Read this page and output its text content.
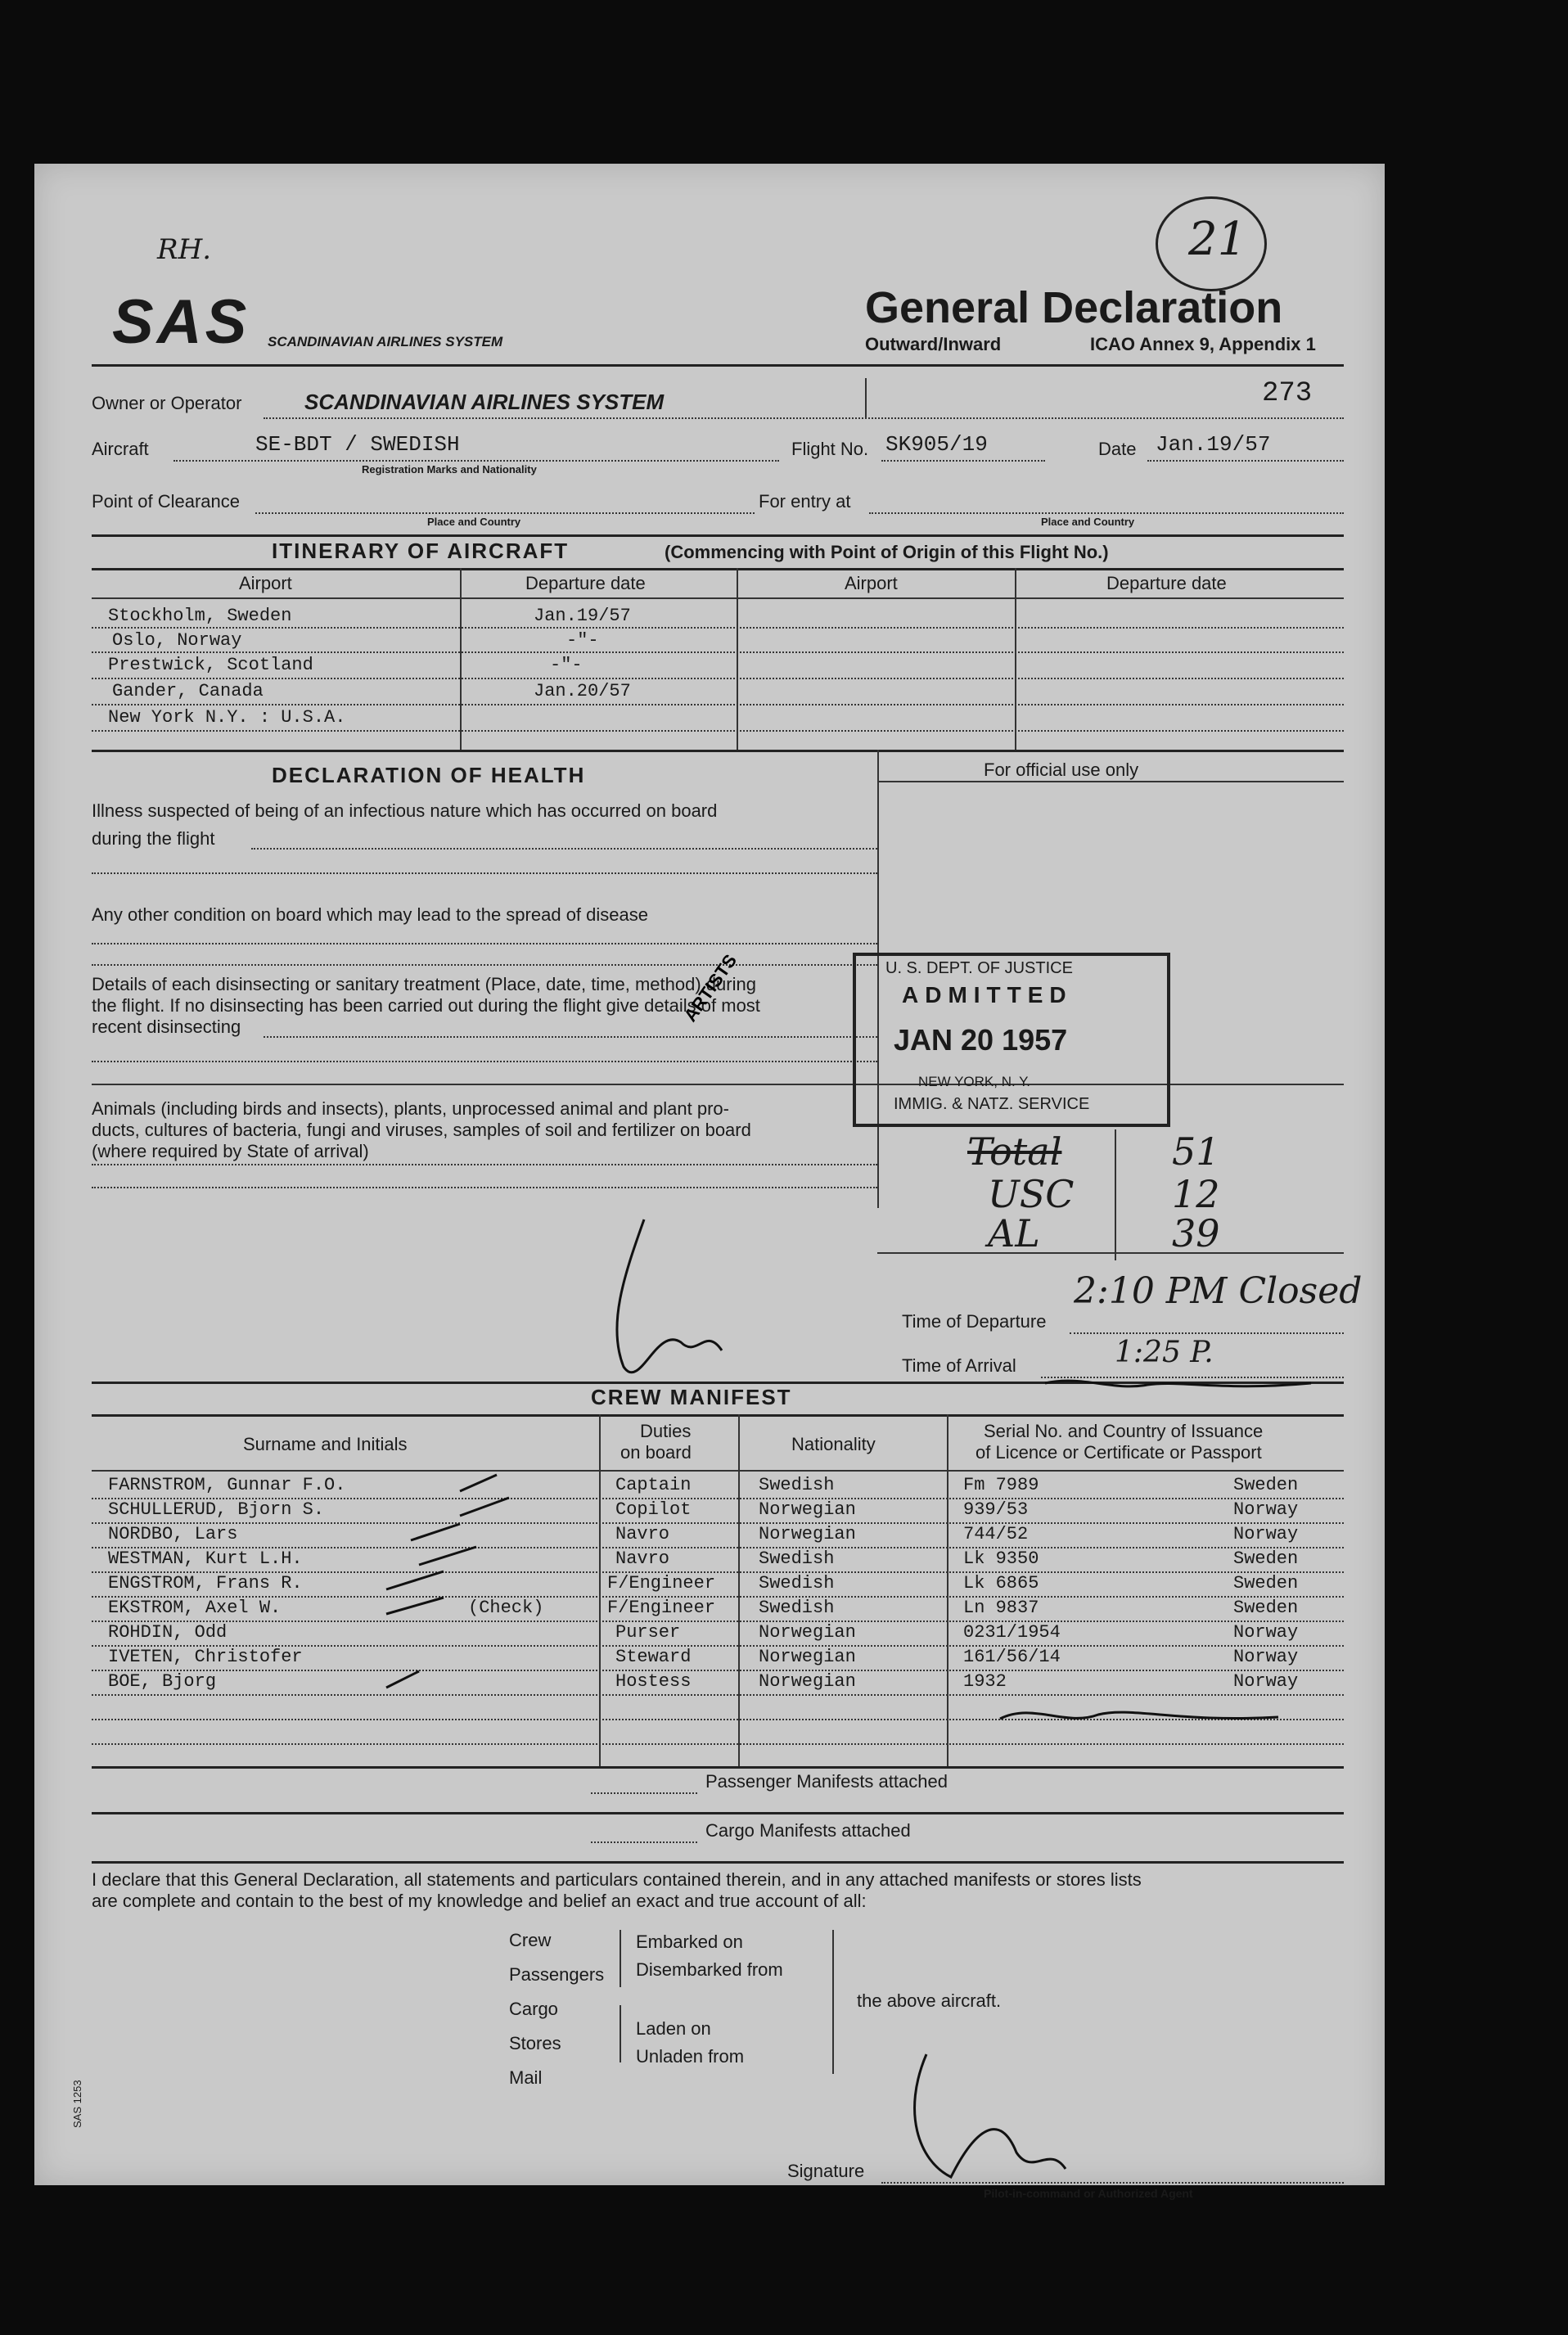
RH.	21
SAS SCANDINAVIAN AIRLINES SYSTEM
General Declaration
Outward/Inward	ICAO Annex 9, Appendix 1
Owner or Operator	SCANDINAVIAN AIRLINES SYSTEM	273
Aircraft	SE-BDT / SWEDISH
Registration Marks and Nationality
Flight No. SK905/19	Date Jan.19/57
Point of Clearance
Place and Country
For entry at
Place and Country
ITINERARY OF AIRCRAFT	(Commencing with Point of Origin of this Flight No.)
Airport	Departure date	Airport	Departure date
Stockholm, Sweden	Jan.19/57
Oslo, Norway	-"-
Prestwick, Scotland	-"-
Gander, Canada	Jan.20/57
New York N.Y. : U.S.A.
DECLARATION OF HEALTH	For official use only
Illness suspected of being of an infectious nature which has occurred on board
during the flight
Any other condition on board which may lead to the spread of disease
Details of each disinsecting or sanitary treatment (Place, date, time, method) during
the flight. If no disinsecting has been carried out during the flight give details of most
recent disinsecting
Animals (including birds and insects), plants, unprocessed animal and plant pro-
ducts, cultures of bacteria, fungi and viruses, samples of soil and fertilizer on board
(where required by State of arrival)
U. S. DEPT. OF JUSTICE
ADMITTED
JAN 20 1957
NEW YORK, N. Y.
IMMIG. & NATZ. SERVICE
Total	51
USC	12
AL	39
Time of Departure
2:10 PM Closed
Time of Arrival	1:25 P.
CREW MANIFEST
Surname and Initials
Duties
on board	Nationality
Serial No. and Country of Issuance
of Licence or Certificate or Passport
FARNSTROM, Gunnar F.O.	Captain	Swedish	Fm 7989	Sweden
SCHULLERUD, Bjorn S.	Copilot	Norwegian	939/53	Norway
NORDBO, Lars	Navro	Norwegian	744/52	Norway
WESTMAN, Kurt L.H.	Navro	Swedish	Lk 9350	Sweden
ENGSTROM, Frans R.	F/Engineer Swedish	Lk 6865	Sweden
EKSTROM, Axel W.	(Check)	F/Engineer Swedish	Ln 9837	Sweden
ROHDIN, Odd	Purser	Norwegian	0231/1954	Norway
IVETEN, Christofer	Steward	Norwegian	161/56/14	Norway
BOE, Bjorg	Hostess	Norwegian	1932	Norway
Passenger Manifests attached
Cargo Manifests attached
I declare that this General Declaration, all statements and particulars contained therein, and in any attached manifests or stores lists
are complete and contain to the best of my knowledge and belief an exact and true account of all:
Crew
Passengers
Cargo
Stores
Mail
Embarked on
Disembarked from
Laden on
Unladen from
the above aircraft.
Signature
Pilot-in-command or Authorized Agent
SAS 1253
ARTISTS
